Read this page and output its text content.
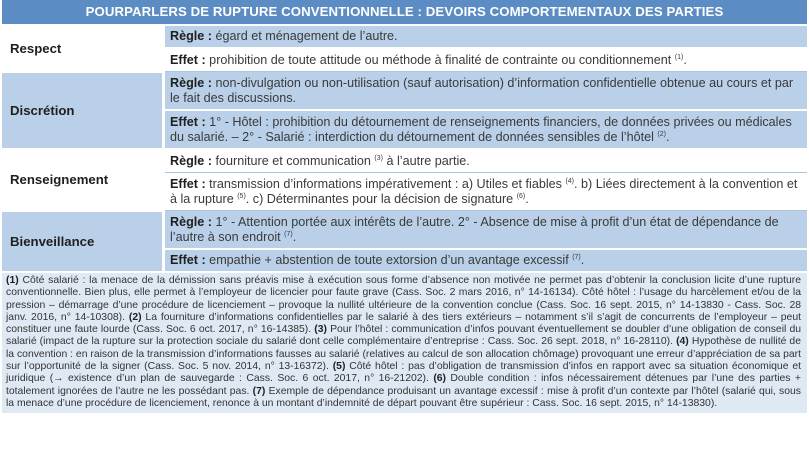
POURPARLERS DE RUPTURE CONVENTIONNELLE : DEVOIRS COMPORTEMENTAUX DES PARTIES
Respect	Règle : égard et ménagement de l’autre.
	Effet : prohibition de toute attitude ou méthode à finalité de contrainte ou conditionnement $^{(1)}$.
Discrétion	Règle : non-divulgation ou non-utilisation (sauf autorisation) d’information confidentielle obtenue au cours et par le fait des discussions.
	Effet : 1° - Hôtel : prohibition du détournement de renseignements financiers, de données privées ou médicales du salarié. – 2° - Salarié : interdiction du détournement de données sensibles de l’hôtel $^{(2)}$.
Renseignement	Règle : fourniture et communication $^{(3)}$ à l’autre partie.
	Effet : transmission d’informations impérativement : a) Utiles et fiables $^{(4)}$. b) Liées directement à la convention et à la rupture $^{(5)}$. c) Déterminantes pour la décision de signature $^{(6)}$.
Bienveillance	Règle : 1° - Attention portée aux intérêts de l’autre. 2° - Absence de mise à profit d’un état de dépendance de l’autre à son endroit $^{(7)}$.
	Effet : empathie + abstention de toute extorsion d’un avantage excessif $^{(7)}$.
(1) Côté salarié : la menace de la démission sans préavis mise à exécution sous forme d’absence non motivée ne permet pas d’obtenir la conclusion licite d’une rupture conventionnelle. Bien plus, elle permet à l’employeur de licencier pour faute grave (Cass. Soc. 2 mars 2016, n° 14-16134). Côté hôtel : l’usage du harcèlement et/ou de la pression – démarrage d’une procédure de licenciement – provoque la nullité ultérieure de la convention conclue (Cass. Soc. 16 sept. 2015, n° 14-13830 - Cass. Soc. 28 janv. 2016, n° 14-10308). (2) La fourniture d’informations confidentielles par le salarié à des tiers extérieurs – notamment s’il s’agit de concurrents de l’employeur – peut constituer une faute lourde (Cass. Soc. 6 oct. 2017, n° 16-14385). (3) Pour l’hôtel : communication d’infos pouvant éventuellement se doubler d’une obligation de conseil du salarié (impact de la rupture sur la protection sociale du salarié dont celle complémentaire d’entreprise : Cass. Soc. 26 sept. 2018, n° 16-28110). (4) Hypothèse de nullité de la convention : en raison de la transmission d’informations fausses au salarié (relatives au calcul de son allocation chômage) provoquant une erreur d’appréciation de sa part sur l’opportunité de la signer (Cass. Soc. 5 nov. 2014, n° 13-16372). (5) Côté hôtel : pas d’obligation de transmission d’infos en rapport avec sa situation économique et juridique (→ existence d’un plan de sauvegarde : Cass. Soc. 6 oct. 2017, n° 16-21202). (6) Double condition : infos nécessairement détenues par l’une des parties + totalement ignorées de l’autre ne les possédant pas. (7) Exemple de dépendance produisant un avantage excessif : mise à profit d’un contexte par l’hôtel (salarié qui, sous la menace d’une procédure de licenciement, renonce à un montant d’indemnité de départ pouvant être supérieur : Cass. Soc. 16 sept. 2015, n° 14-13830).
